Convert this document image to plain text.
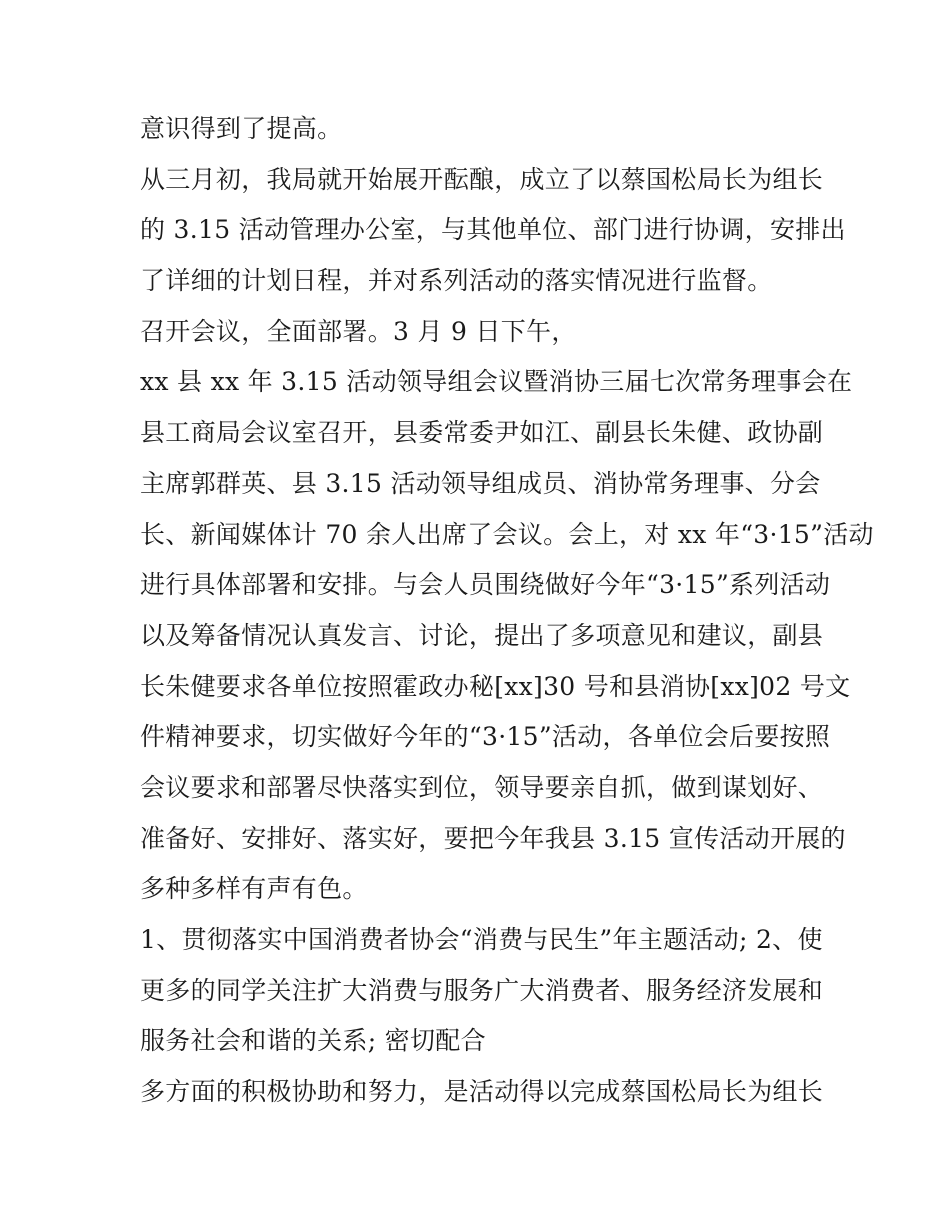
意识得到了提高。
从三月初，我局就开始展开酝酿，成立了以蔡国松局长为组长
的 3.15 活动管理办公室，与其他单位、部门进行协调，安排出
了详细的计划日程，并对系列活动的落实情况进行监督。
召开会议，全面部署。3 月 9 日下午，
xx 县 xx 年 3.15 活动领导组会议暨消协三届七次常务理事会在
县工商局会议室召开，县委常委尹如江、副县长朱健、政协副
主席郭群英、县 3.15 活动领导组成员、消协常务理事、分会
长、新闻媒体计 70 余人出席了会议。会上，对 xx 年“3·15”活动
进行具体部署和安排。与会人员围绕做好今年“3·15”系列活动
以及筹备情况认真发言、讨论，提出了多项意见和建议，副县
长朱健要求各单位按照霍政办秘[xx]30 号和县消协[xx]02 号文
件精神要求，切实做好今年的“3·15”活动，各单位会后要按照
会议要求和部署尽快落实到位，领导要亲自抓，做到谋划好、
准备好、安排好、落实好，要把今年我县 3.15 宣传活动开展的
多种多样有声有色。
1、贯彻落实中国消费者协会“消费与民生”年主题活动; 2、使
更多的同学关注扩大消费与服务广大消费者、服务经济发展和
服务社会和谐的关系; 密切配合
多方面的积极协助和努力，是活动得以完成蔡国松局长为组长
